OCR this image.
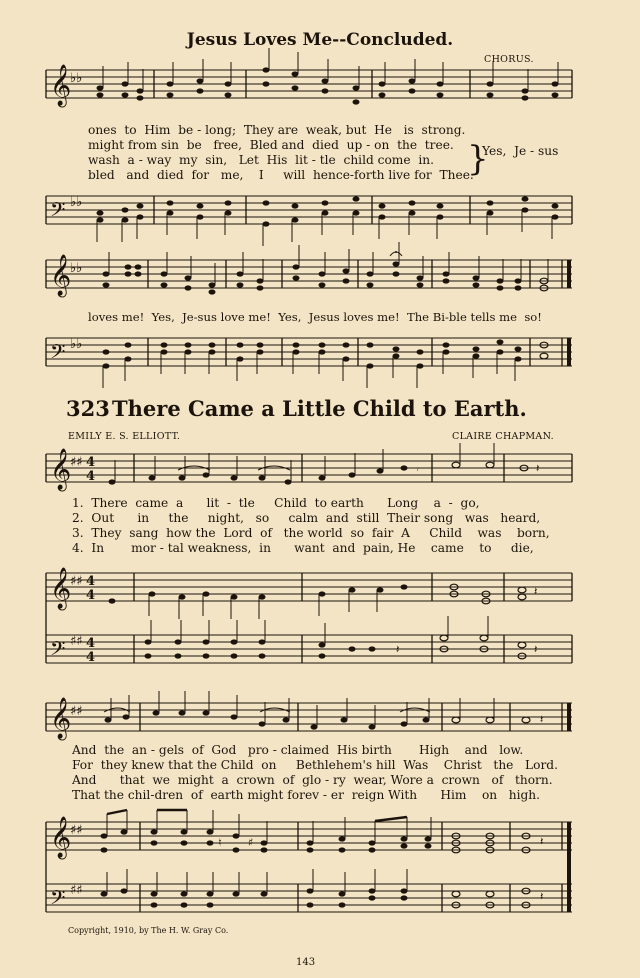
Jesus Loves Me--Concluded.
CHORUS.
𝄞
♭♭
𝄢 ♭♭
}
ones  to  Him  be - long;  They are  weak, but  He   is  strong.
might from sin  be   free,  Bled and  died  up - on  the  tree.
wash  a - way  my  sin,   Let  His  lit - tle  child come  in.
bled   and  died  for   me,    I     will  hence-forth live for  Thee.
Yes,  Je - sus
𝄞
♭♭
𝄢 ♭♭
loves me!  Yes,  Je-sus love me!  Yes,  Jesus loves me!  The Bi-ble tells me  so!
323 There Came a Little Child to Earth.
EMILY E. S. ELLIOTT.	CLAIRE CHAPMAN.
𝄞
♯♯ 4
4
𝄞
♯♯ 4
4
𝄢 ♯♯ 4
4
𝄾	𝄽
𝄽
𝄽	𝄽
1.  There  came  a      lit  -  tle     Child  to earth      Long    a  -  go,
2.  Out      in     the     night,   so     calm  and  still  Their song   was   heard,
3.  They  sang  how the  Lord  of   the world  so  fair  A     Child    was    born,
4.  In       mor - tal weakness,  in      want  and  pain, He    came    to     die,
𝄞
♯♯
𝄞
♯♯
𝄢 ♯♯
𝄽
𝄽
𝄽
♮ ♯
And  the  an - gels  of  God   pro - claimed  His birth       High    and   low.
For  they knew that the Child  on     Bethlehem's hill  Was    Christ   the   Lord.
And      that  we  might  a  crown  of  glo - ry  wear, Wore a  crown   of   thorn.
That the chil-dren  of  earth might forev - er  reign With      Him    on   high.
Copyright, 1910, by The H. W. Gray Co.
143
